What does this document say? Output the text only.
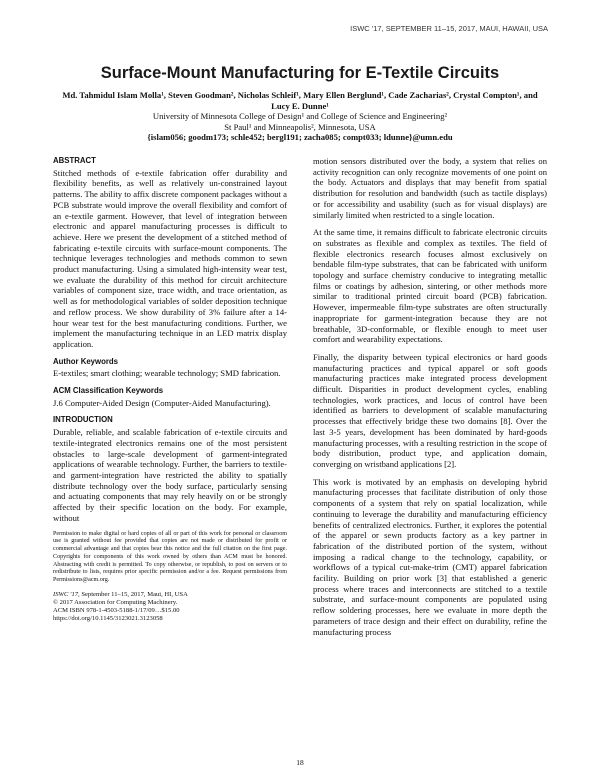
ISWC '17, SEPTEMBER 11–15, 2017, MAUI, HAWAII, USA
Surface-Mount Manufacturing for E-Textile Circuits
Md. Tahmidul Islam Molla¹, Steven Goodman², Nicholas Schleif¹, Mary Ellen Berglund¹, Cade Zacharias², Crystal Compton¹, and Lucy E. Dunne¹
University of Minnesota College of Design¹ and College of Science and Engineering²
St Paul¹ and Minneapolis², Minnesota, USA
{islam056; goodm173; schle452; bergl191; zacha085; compt033; ldunne}@umn.edu
ABSTRACT

Stitched methods of e-textile fabrication offer durability and flexibility benefits, as well as relatively un-constrained layout patterns. The ability to affix discrete component packages without a PCB substrate would improve the overall flexibility and comfort of an e-textile garment. However, that level of integration between electronic and apparel manufacturing processes is difficult to achieve. Here we present the development of a stitched method of fabricating e-textile circuits with surface-mount components. The technique leverages technologies and methods common to sewn product manufacturing. Using a simulated high-intensity wear test, we evaluate the durability of this method for circuit architecture variables of component size, trace width, and trace orientation, as well as for methodological variables of solder deposition technique and reflow process. We show durability of 3% failure after a 14-hour wear test for the best manufacturing conditions. Further, we implement the manufacturing technique in an LED matrix display application.

Author Keywords

E-textiles; smart clothing; wearable technology; SMD fabrication.

ACM Classification Keywords

J.6 Computer-Aided Design (Computer-Aided Manufacturing).

INTRODUCTION

Durable, reliable, and scalable fabrication of e-textile circuits and textile-integrated electronics remains one of the most persistent obstacles to large-scale development of garment-integrated applications of wearable technology. Further, the barriers to textile- and garment-integration have restricted the ability to spatially distribute technology over the body surface, particularly sensing and actuating components that may rely heavily on or be strongly affected by their specific location on the body. For example, without

Permission to make digital or hard copies of all or part of this work for personal or classroom use is granted without fee provided that copies are not made or distributed for profit or commercial advantage and that copies bear this notice and the full citation on the first page. Copyrights for components of this work owned by others than ACM must be honored. Abstracting with credit is permitted. To copy otherwise, or republish, to post on servers or to redistribute to lists, requires prior specific permission and/or a fee. Request permissions from Permissions@acm.org.
ISWC '17, September 11–15, 2017, Maui, HI, USA
© 2017 Association for Computing Machinery.
ACM ISBN 978-1-4503-5188-1/17/09…$15.00
https://doi.org/10.1145/3123021.3123058

motion sensors distributed over the body, a system that relies on activity recognition can only recognize movements of one point on the body. Actuators and displays that may benefit from spatial distribution for resolution and bandwidth (such as tactile displays) or for accessibility and usability (such as for visual displays) are similarly limited when restricted to a single location.

At the same time, it remains difficult to fabricate electronic circuits on substrates as flexible and complex as textiles. The field of flexible electronics research focuses almost exclusively on bendable film-type substrates, that can be fabricated with uniform topology and surface chemistry conducive to integrating metallic films or coatings by adhesion, sintering, or other methods more similar to traditional printed circuit board (PCB) fabrication. However, impermeable film-type substrates are often structurally inappropriate for garment-integration because they are not breathable, 3D-conformable, or flexible enough to meet user comfort and wearability expectations.

Finally, the disparity between typical electronics or hard goods manufacturing practices and typical apparel or soft goods manufacturing practices make integrated process development difficult. Disparities in product development cycles, enabling technologies, work practices, and locus of control have been identified as barriers to development of scalable manufacturing processes that effectively bridge these two domains [8]. Over the last 3-5 years, development has been dominated by hard-goods manufacturing processes, with a resulting restriction in the scope of body distribution, product type, and application domain, converging on wristband applications [2].

This work is motivated by an emphasis on developing hybrid manufacturing processes that facilitate distribution of only those components of a system that rely on spatial localization, while continuing to leverage the durability and manufacturing efficiency benefits of centralized electronics. Further, it explores the potential of the apparel or sewn products factory as a key partner in fabrication of the distributed portion of the system, without imposing a radical change to the technology, capability, or workflows of a typical cut-make-trim (CMT) apparel fabrication facility. Building on prior work [3] that established a generic process where traces and interconnects are stitched to a textile substrate, and surface-mount components are populated using reflow soldering processes, here we evaluate in more depth the parameters of trace design and their effect on durability, refine the manufacturing process

18
